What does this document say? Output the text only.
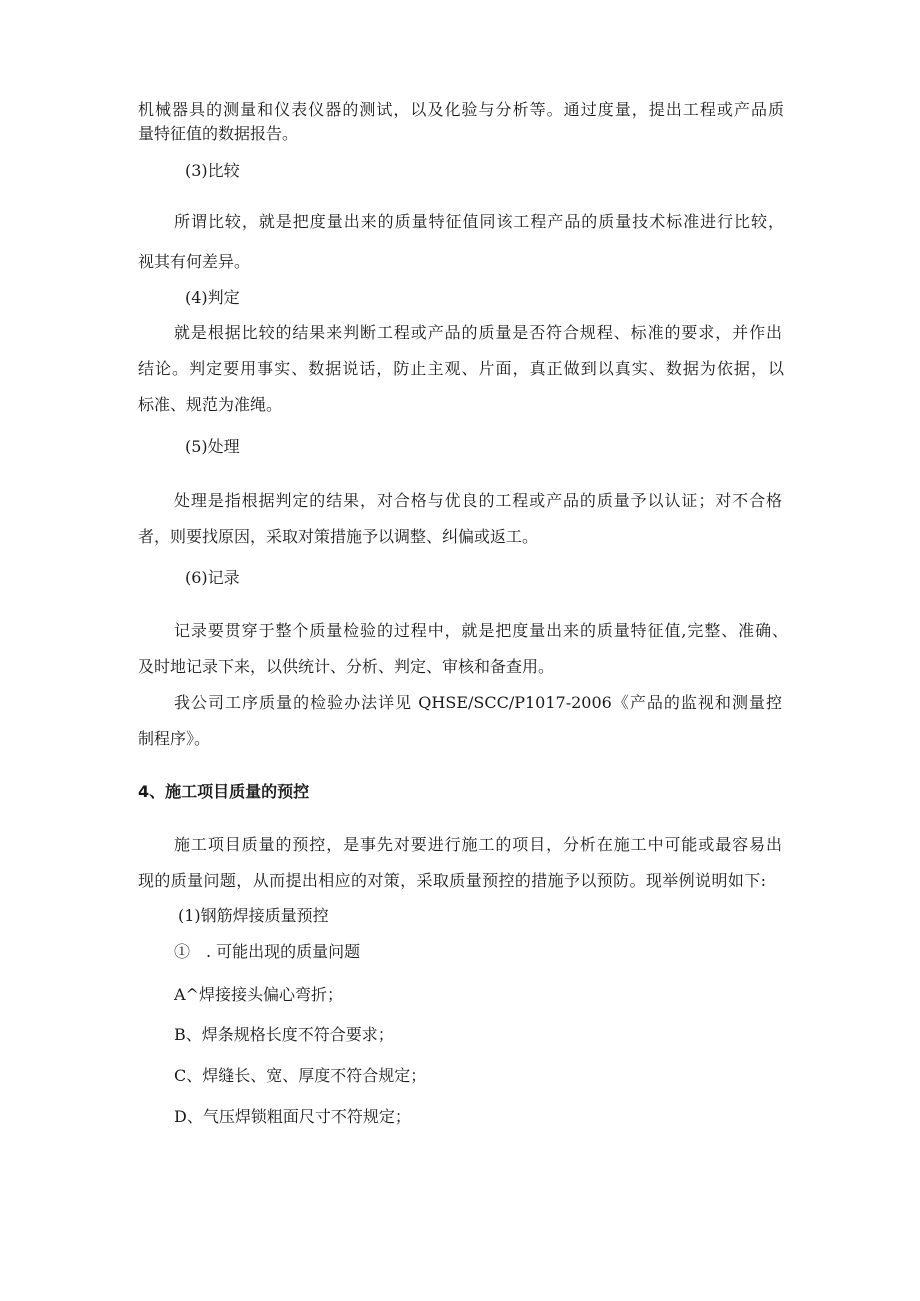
机械器具的测量和仪表仪器的测试，以及化验与分析等。通过度量，提出工程或产品质
量特征值的数据报告。
(3)比较
所谓比较，就是把度量出来的质量特征值同该工程产品的质量技术标准进行比较，
视其有何差异。
(4)判定
就是根据比较的结果来判断工程或产品的质量是否符合规程、标准的要求，并作出
结论。判定要用事实、数据说话，防止主观、片面，真正做到以真实、数据为依据，以
标准、规范为准绳。
(5)处理
处理是指根据判定的结果，对合格与优良的工程或产品的质量予以认证；对不合格
者，则要找原因，采取对策措施予以调整、纠偏或返工。
(6)记录
记录要贯穿于整个质量检验的过程中，就是把度量出来的质量特征值,完整、准确、
及时地记录下来，以供统计、分析、判定、审核和备查用。
我公司工序质量的检验办法详见 QHSE/SCC/P1017-2006《产品的监视和测量控
制程序》。
4、施工项目质量的预控
施工项目质量的预控，是事先对要进行施工的项目，分析在施工中可能或最容易出
现的质量问题，从而提出相应的对策，采取质量预控的措施予以预防。现举例说明如下:
(1)钢筋焊接质量预控
①　. 可能出现的质量问题
A^焊接接头偏心弯折；
B、焊条规格长度不符合要求；
C、焊缝长、宽、厚度不符合规定；
D、气压焊锁粗面尺寸不符规定；
